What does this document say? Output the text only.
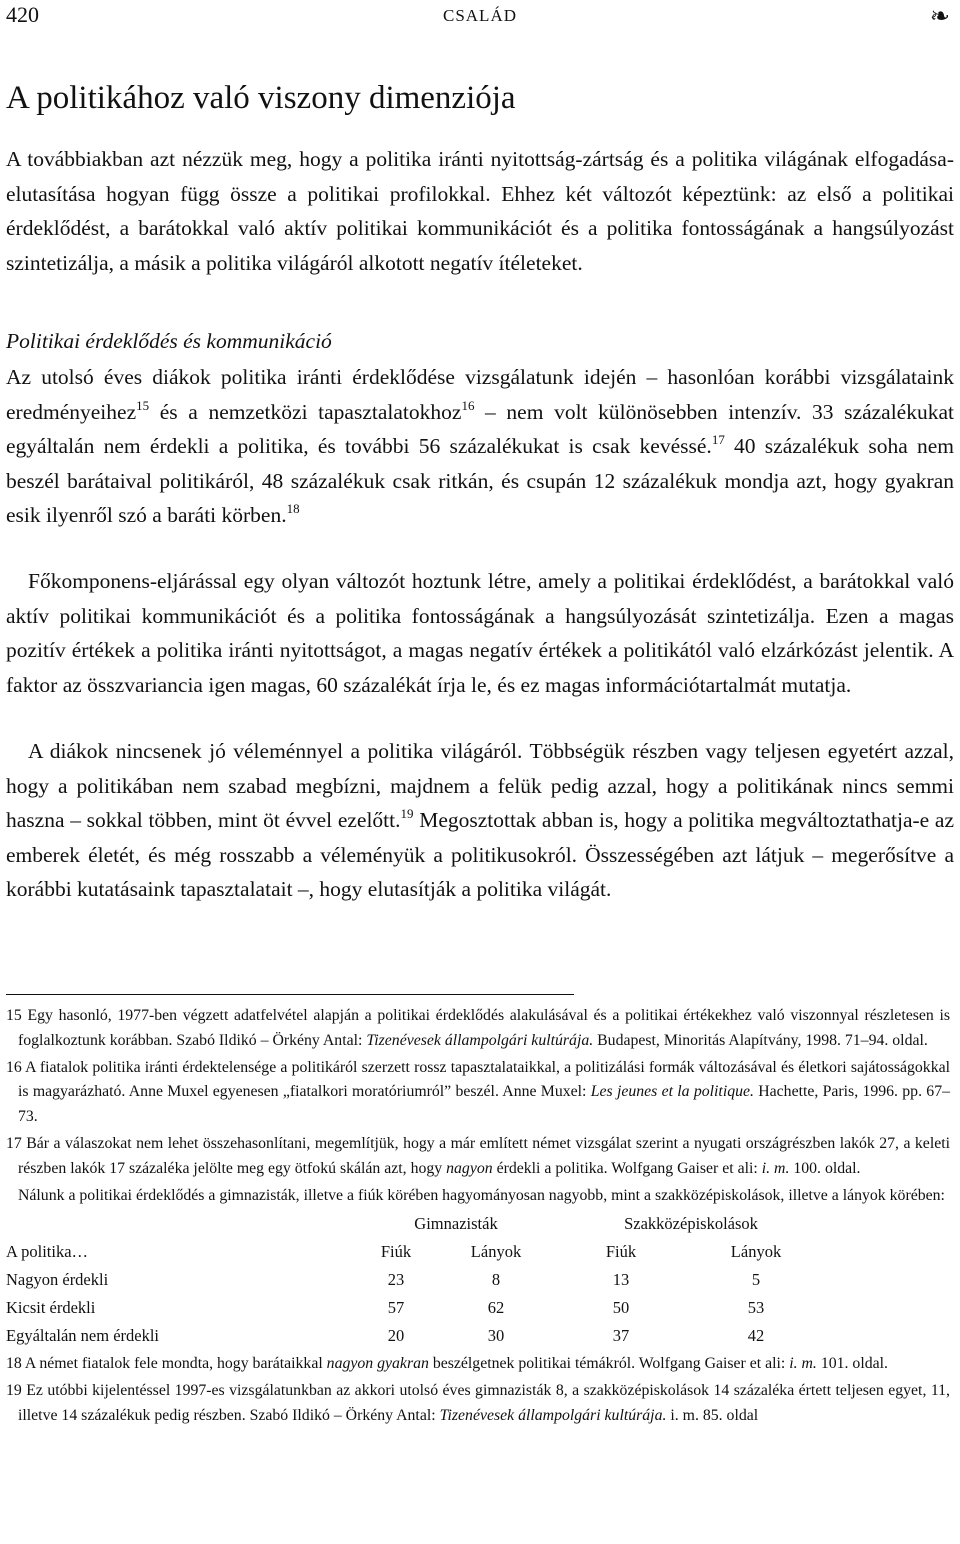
420	CSALÁD	❧
A politikához való viszony dimenziója

A továbbiakban azt nézzük meg, hogy a politika iránti nyitottság-zártság és a politika világának elfogadása-elutasítása hogyan függ össze a politikai profilokkal. Ehhez két változót képeztünk: az első a politikai érdeklődést, a barátokkal való aktív politikai kommunikációt és a politika fontosságának a hangsúlyozást szintetizálja, a másik a politika világáról alkotott negatív ítéleteket.

Politikai érdeklődés és kommunikáció

Az utolsó éves diákok politika iránti érdeklődése vizsgálatunk idején – hasonlóan korábbi vizsgálataink eredményeihez$^{15}$ és a nemzetközi tapasztalatokhoz$^{16}$ – nem volt különösebben intenzív. 33 százalékukat egyáltalán nem érdekli a politika, és további 56 százalékukat is csak kevéssé.$^{17}$ 40 százalékuk soha nem beszél barátaival politikáról, 48 százalékuk csak ritkán, és csupán 12 százalékuk mondja azt, hogy gyakran esik ilyenről szó a baráti körben.$^{18}$

Főkomponens-eljárással egy olyan változót hoztunk létre, amely a politikai érdeklődést, a barátokkal való aktív politikai kommunikációt és a politika fontosságának a hangsúlyozását szintetizálja. Ezen a magas pozitív értékek a politika iránti nyitottságot, a magas negatív értékek a politikától való elzárkózást jelentik. A faktor az összvariancia igen magas, 60 százalékát írja le, és ez magas információtartalmát mutatja.

A diákok nincsenek jó véleménnyel a politika világáról. Többségük részben vagy teljesen egyetért azzal, hogy a politikában nem szabad megbízni, majdnem a felük pedig azzal, hogy a politikának nincs semmi haszna – sokkal többen, mint öt évvel ezelőtt.$^{19}$ Megosztottak abban is, hogy a politika megváltoztathatja-e az emberek életét, és még rosszabb a véleményük a politikusokról. Összességében azt látjuk – megerősítve a korábbi kutatásaink tapasztalatait –, hogy elutasítják a politika világát.

15 Egy hasonló, 1977-ben végzett adatfelvétel alapján a politikai érdeklődés alakulásával és a politikai értékekhez való viszonnyal részletesen is foglalkoztunk korábban. Szabó Ildikó – Örkény Antal: Tizenévesek állampolgári kultúrája. Budapest, Minoritás Alapítvány, 1998. 71–94. oldal.

16 A fiatalok politika iránti érdektelensége a politikáról szerzett rossz tapasztalataikkal, a politizálási formák változásával és életkori sajátosságokkal is magyarázható. Anne Muxel egyenesen „fiatalkori moratóriumról” beszél. Anne Muxel: Les jeunes et la politique. Hachette, Paris, 1996. pp. 67–73.

17 Bár a válaszokat nem lehet összehasonlítani, megemlítjük, hogy a már említett német vizsgálat szerint a nyugati országrészben lakók 27, a keleti részben lakók 17 százaléka jelölte meg egy ötfokú skálán azt, hogy nagyon érdekli a politika. Wolfgang Gaiser et ali: i. m. 100. oldal.

Nálunk a politikai érdeklődés a gimnazisták, illetve a fiúk körében hagyományosan nagyobb, mint a szakközépiskolások, illetve a lányok körében:

	Gimnazisták		Szakközépiskolások		
A politika…	Fiúk	Lányok	Fiúk	Lányok	
Nagyon érdekli	23	8	13	5	
Kicsit érdekli	57	62	50	53	
Egyáltalán nem érdekli	20	30	37	42	

18 A német fiatalok fele mondta, hogy barátaikkal nagyon gyakran beszélgetnek politikai témákról. Wolfgang Gaiser et ali: i. m. 101. oldal.

19 Ez utóbbi kijelentéssel 1997-es vizsgálatunkban az akkori utolsó éves gimnazisták 8, a szakközépiskolások 14 százaléka értett teljesen egyet, 11, illetve 14 százalékuk pedig részben. Szabó Ildikó – Örkény Antal: Tizenévesek állampolgári kultúrája. i. m. 85. oldal
